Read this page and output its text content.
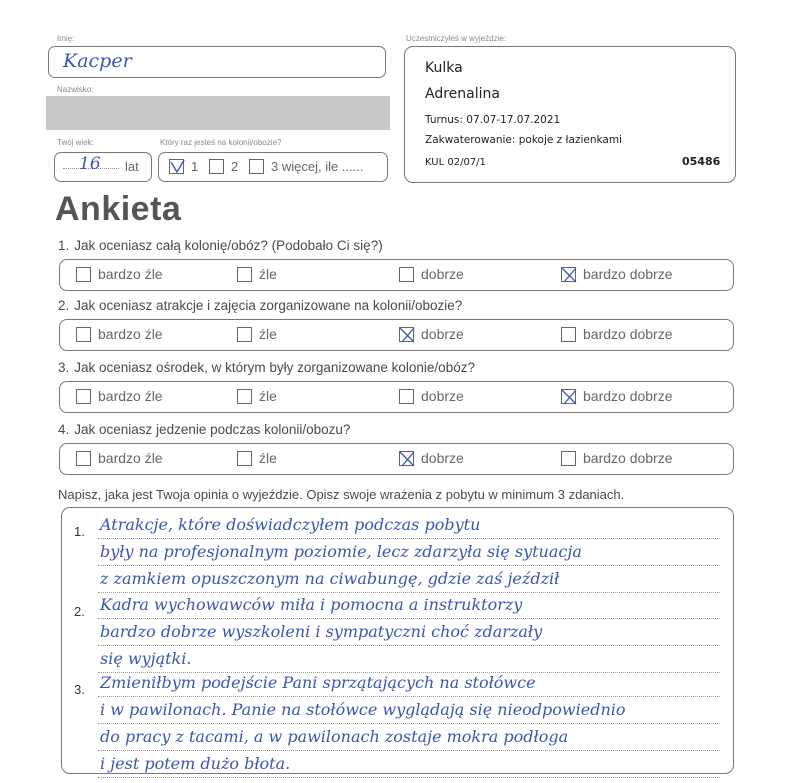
Imię:
Kacper
Nazwisko:
Twój wiek:
16 lat
Który raz jesteś na kolonii/obozie?
1	2	3 więcej, ile ......
Uczestniczyłeś w wyjeździe:
Kulka
Adrenalina
Turnus: 07.07-17.07.2021
Zakwaterowanie: pokoje z łazienkami
KUL 02/07/1	05486
Ankieta
1. Jak oceniasz całą kolonię/obóz? (Podobało Ci się?)
bardzo źle	źle	dobrze	bardzo dobrze
2. Jak oceniasz atrakcje i zajęcia zorganizowane na kolonii/obozie?
bardzo źle	źle	dobrze	bardzo dobrze
3. Jak oceniasz ośrodek, w którym były zorganizowane kolonie/obóz?
bardzo źle	źle	dobrze	bardzo dobrze
4. Jak oceniasz jedzenie podczas kolonii/obozu?
bardzo źle	źle	dobrze	bardzo dobrze
Napisz, jaka jest Twoja opinia o wyjeździe. Opisz swoje wrażenia z pobytu w minimum 3 zdaniach.
1. Atrakcje, które doświadczyłem podczas pobytu
były na profesjonalnym poziomie, lecz zdarzyła się sytuacja
z zamkiem opuszczonym na ciwabungę, gdzie zaś jeździł
2. Kadra wychowawców miła i pomocna a instruktorzy
bardzo dobrze wyszkoleni i sympatyczni choć zdarzały
się wyjątki.
3. Zmieniłbym podejście Pani sprzątających na stołówce
i w pawilonach. Panie na stołówce wyglądają się nieodpowiednio
do pracy z tacami, a w pawilonach zostaje mokra podłoga
i jest potem dużo błota.
